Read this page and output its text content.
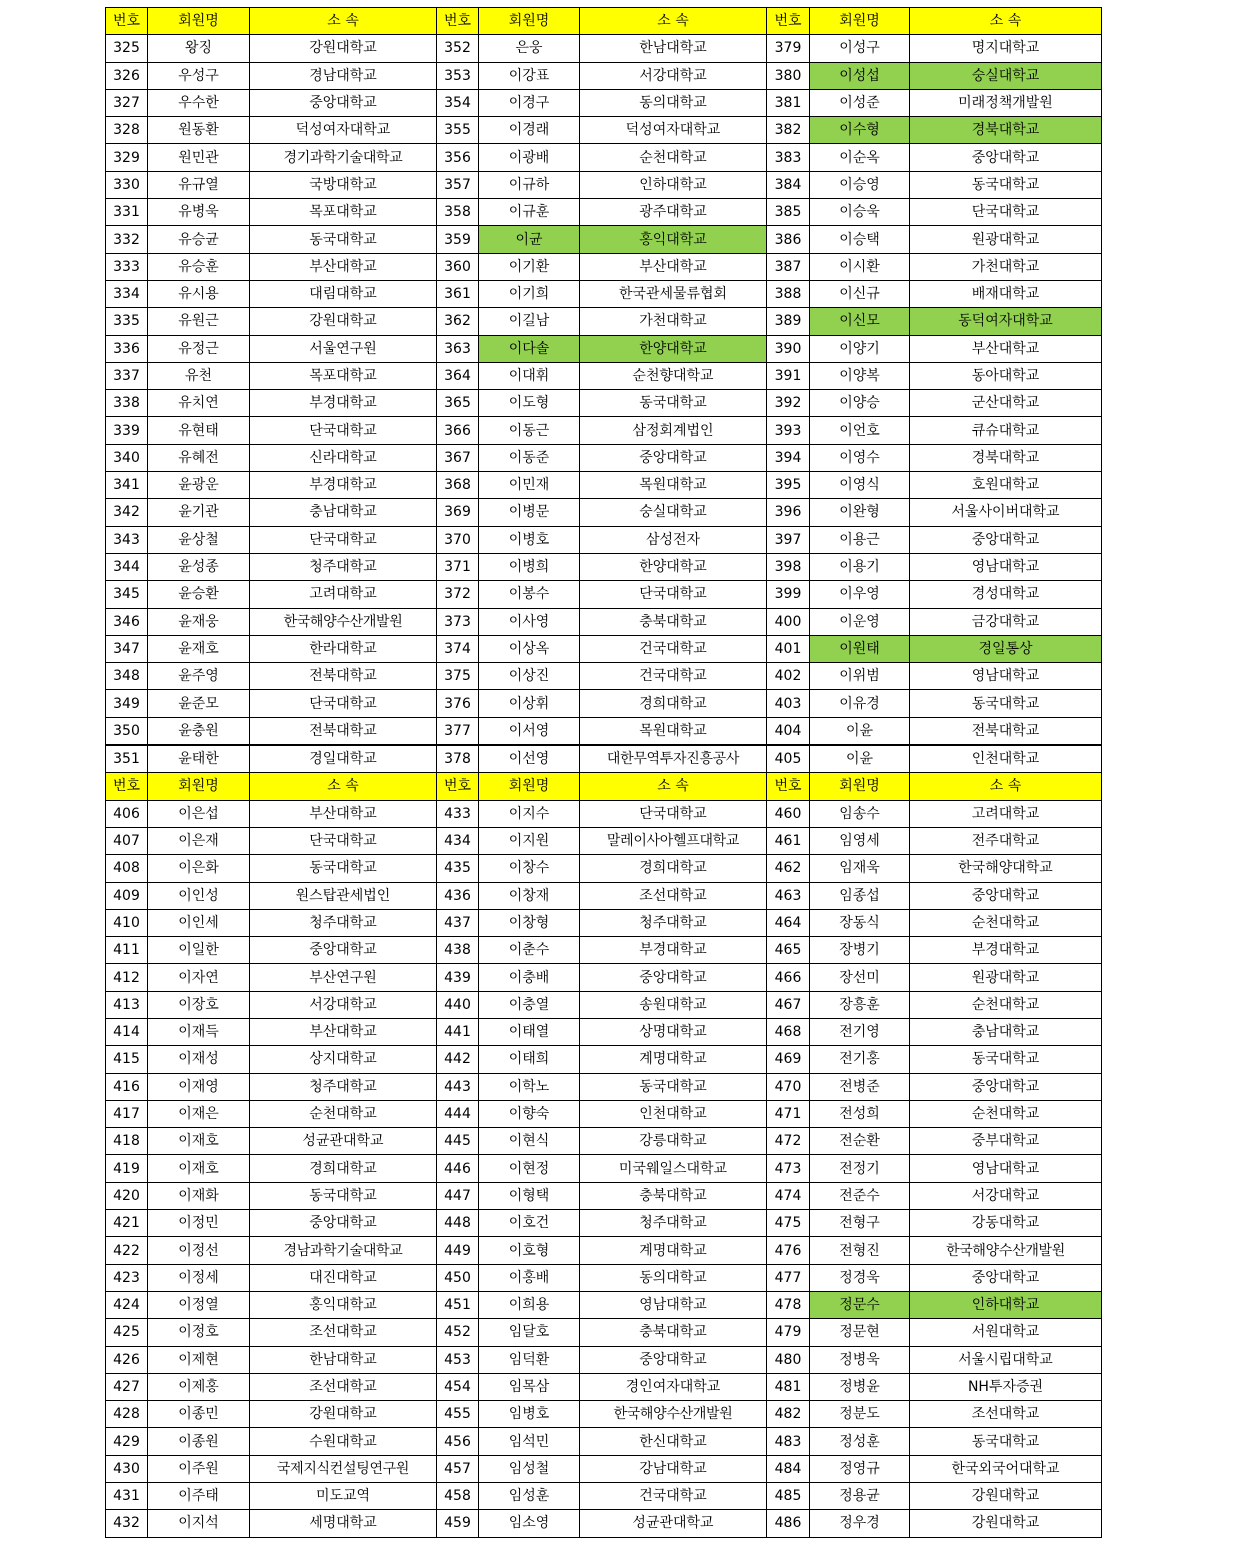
번호	회원명	소 속	번호	회원명	소 속	번호	회원명	소 속
325	왕징	강원대학교	352	은웅	한남대학교	379	이성구	명지대학교
326	우성구	경남대학교	353	이강표	서강대학교	380	이성섭	숭실대학교
327	우수한	중앙대학교	354	이경구	동의대학교	381	이성준	미래정책개발원
328	원동환	덕성여자대학교	355	이경래	덕성여자대학교	382	이수형	경북대학교
329	원민관	경기과학기술대학교	356	이광배	순천대학교	383	이순옥	중앙대학교
330	유규열	국방대학교	357	이규하	인하대학교	384	이승영	동국대학교
331	유병욱	목포대학교	358	이규훈	광주대학교	385	이승욱	단국대학교
332	유승균	동국대학교	359	이균	홍익대학교	386	이승택	원광대학교
333	유승훈	부산대학교	360	이기환	부산대학교	387	이시환	가천대학교
334	유시용	대림대학교	361	이기희	한국관세물류협회	388	이신규	배재대학교
335	유원근	강원대학교	362	이길남	가천대학교	389	이신모	동덕여자대학교
336	유정근	서울연구원	363	이다솔	한양대학교	390	이양기	부산대학교
337	유천	목포대학교	364	이대휘	순천향대학교	391	이양복	동아대학교
338	유치연	부경대학교	365	이도형	동국대학교	392	이양승	군산대학교
339	유현태	단국대학교	366	이동근	삼정회계법인	393	이언호	큐슈대학교
340	유혜전	신라대학교	367	이동준	중앙대학교	394	이영수	경북대학교
341	윤광운	부경대학교	368	이민재	목원대학교	395	이영식	호원대학교
342	윤기관	충남대학교	369	이병문	숭실대학교	396	이완형	서울사이버대학교
343	윤상철	단국대학교	370	이병호	삼성전자	397	이용근	중앙대학교
344	윤성종	청주대학교	371	이병희	한양대학교	398	이용기	영남대학교
345	윤승환	고려대학교	372	이봉수	단국대학교	399	이우영	경성대학교
346	윤재웅	한국해양수산개발원	373	이사영	충북대학교	400	이운영	금강대학교
347	윤재호	한라대학교	374	이상옥	건국대학교	401	이원태	경일통상
348	윤주영	전북대학교	375	이상진	건국대학교	402	이위범	영남대학교
349	윤준모	단국대학교	376	이상휘	경희대학교	403	이유경	동국대학교
350	윤충원	전북대학교	377	이서영	목원대학교	404	이윤	전북대학교
351	윤태한	경일대학교	378	이선영	대한무역투자진흥공사	405	이윤	인천대학교
번호	회원명	소 속	번호	회원명	소 속	번호	회원명	소 속
406	이은섭	부산대학교	433	이지수	단국대학교	460	임송수	고려대학교
407	이은재	단국대학교	434	이지원	말레이사아헬프대학교	461	임영세	전주대학교
408	이은화	동국대학교	435	이창수	경희대학교	462	임재욱	한국해양대학교
409	이인성	원스탑관세법인	436	이창재	조선대학교	463	임종섭	중앙대학교
410	이인세	청주대학교	437	이창형	청주대학교	464	장동식	순천대학교
411	이일한	중앙대학교	438	이춘수	부경대학교	465	장병기	부경대학교
412	이자연	부산연구원	439	이충배	중앙대학교	466	장선미	원광대학교
413	이장호	서강대학교	440	이충열	송원대학교	467	장흥훈	순천대학교
414	이재득	부산대학교	441	이태열	상명대학교	468	전기영	충남대학교
415	이재성	상지대학교	442	이태희	계명대학교	469	전기홍	동국대학교
416	이재영	청주대학교	443	이학노	동국대학교	470	전병준	중앙대학교
417	이재은	순천대학교	444	이향숙	인천대학교	471	전성희	순천대학교
418	이재호	성균관대학교	445	이현식	강릉대학교	472	전순환	중부대학교
419	이재호	경희대학교	446	이현정	미국웨일스대학교	473	전정기	영남대학교
420	이재화	동국대학교	447	이형택	충북대학교	474	전준수	서강대학교
421	이정민	중앙대학교	448	이호건	청주대학교	475	전형구	강동대학교
422	이정선	경남과학기술대학교	449	이호형	계명대학교	476	전형진	한국해양수산개발원
423	이정세	대진대학교	450	이홍배	동의대학교	477	정경욱	중앙대학교
424	이정열	홍익대학교	451	이희용	영남대학교	478	정문수	인하대학교
425	이정호	조선대학교	452	임달호	충북대학교	479	정문현	서원대학교
426	이제현	한남대학교	453	임덕환	중앙대학교	480	정병욱	서울시립대학교
427	이제홍	조선대학교	454	임목삼	경인여자대학교	481	정병윤	NH투자증권
428	이종민	강원대학교	455	임병호	한국해양수산개발원	482	정분도	조선대학교
429	이종원	수원대학교	456	임석민	한신대학교	483	정성훈	동국대학교
430	이주원	국제지식컨설팅연구원	457	임성철	강남대학교	484	정영규	한국외국어대학교
431	이주태	미도교역	458	임성훈	건국대학교	485	정용균	강원대학교
432	이지석	세명대학교	459	임소영	성균관대학교	486	정우경	강원대학교
